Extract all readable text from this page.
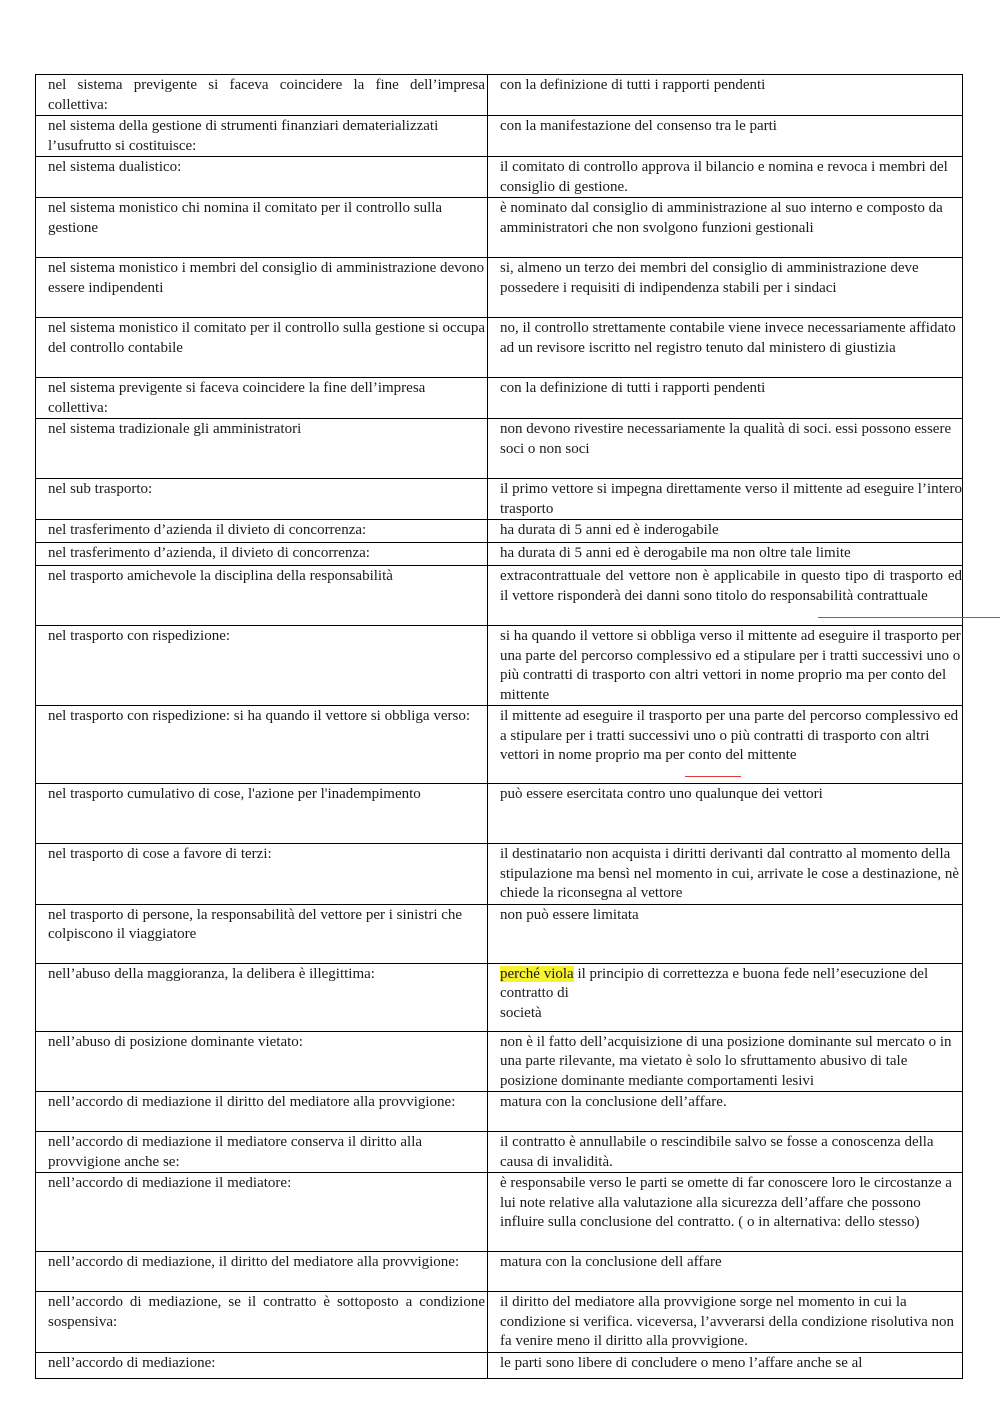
nel sistema previgente si faceva coincidere la fine dell’impresa collettiva:	con la definizione di tutti i rapporti pendenti
nel sistema della gestione di strumenti finanziari dematerializzati l’usufrutto si costituisce:	con la manifestazione del consenso tra le parti
nel sistema dualistico:	il comitato di controllo approva il bilancio e nomina e revoca i membri del consiglio di gestione.
nel sistema monistico chi nomina il comitato per il controllo sulla gestione	è nominato dal consiglio di amministrazione al suo interno e composto da amministratori che non svolgono funzioni gestionali
nel sistema monistico i membri del consiglio di amministrazione devono essere indipendenti	si, almeno un terzo dei membri del consiglio di amministrazione deve possedere i requisiti di indipendenza stabili per i sindaci
nel sistema monistico il comitato per il controllo sulla gestione si occupa del controllo contabile	no, il controllo strettamente contabile viene invece necessariamente affidato ad un revisore iscritto nel registro tenuto dal ministero di giustizia
nel sistema previgente si faceva coincidere la fine dell’impresa collettiva:	con la definizione di tutti i rapporti pendenti
nel sistema tradizionale gli amministratori	non devono rivestire necessariamente la qualità di soci. essi possono essere soci o non soci
nel sub trasporto:	il primo vettore si impegna direttamente verso il mittente ad eseguire l’intero trasporto
nel trasferimento d’azienda il divieto di concorrenza:	ha durata di 5 anni ed è inderogabile
nel trasferimento d’azienda, il divieto di concorrenza:	ha durata di 5 anni ed è derogabile ma non oltre tale limite
nel trasporto amichevole la disciplina della responsabilità	extracontrattuale del vettore non è applicabile in questo tipo di trasporto ed il vettore risponderà dei danni sono titolo do responsabilità contrattuale
nel trasporto con rispedizione:	si ha quando il vettore si obbliga verso il mittente ad eseguire il trasporto per una parte del percorso complessivo ed a stipulare per i tratti successivi uno o più contratti di trasporto con altri vettori in nome proprio ma per conto del mittente
nel trasporto con rispedizione: si ha quando il vettore si obbliga verso:	il mittente ad eseguire il trasporto per una parte del percorso complessivo ed a stipulare per i tratti successivi uno o più contratti di trasporto con altri vettori in nome proprio ma per conto del mittente
nel trasporto cumulativo di cose, l'azione per l'inadempimento	può essere esercitata contro uno qualunque dei vettori
nel trasporto di cose a favore di terzi:	il destinatario non acquista i diritti derivanti dal contratto al momento della stipulazione ma bensì nel momento in cui, arrivate le cose a destinazione, nè chiede la riconsegna al vettore
nel trasporto di persone, la responsabilità del vettore per i sinistri che colpiscono il viaggiatore	non può essere limitata
nell’abuso della maggioranza, la delibera è illegittima:	perché viola il principio di correttezza e buona fede nell’esecuzione del contratto di
società
nell’abuso di posizione dominante vietato:	non è il fatto dell’acquisizione di una posizione dominante sul mercato o in una parte rilevante, ma vietato è solo lo sfruttamento abusivo di tale posizione dominante mediante comportamenti lesivi
nell’accordo di mediazione il diritto del mediatore alla provvigione:	matura con la conclusione dell’affare.
nell’accordo di mediazione il mediatore conserva il diritto alla provvigione anche se:	il contratto è annullabile o rescindibile salvo se fosse a conoscenza della causa di invalidità.
nell’accordo di mediazione il mediatore:	è responsabile verso le parti se omette di far conoscere loro le circostanze a lui note relative alla valutazione alla sicurezza dell’affare che possono influire sulla conclusione del contratto. ( o in alternativa: dello stesso)
nell’accordo di mediazione, il diritto del mediatore alla provvigione:	matura con la conclusione dell affare
nell’accordo di mediazione, se il contratto è sottoposto a condizione sospensiva:	il diritto del mediatore alla provvigione sorge nel momento in cui la condizione si verifica. viceversa, l’avverarsi della condizione risolutiva non fa venire meno il diritto alla provvigione.
nell’accordo di mediazione:	le parti sono libere di concludere o meno l’affare anche se al
